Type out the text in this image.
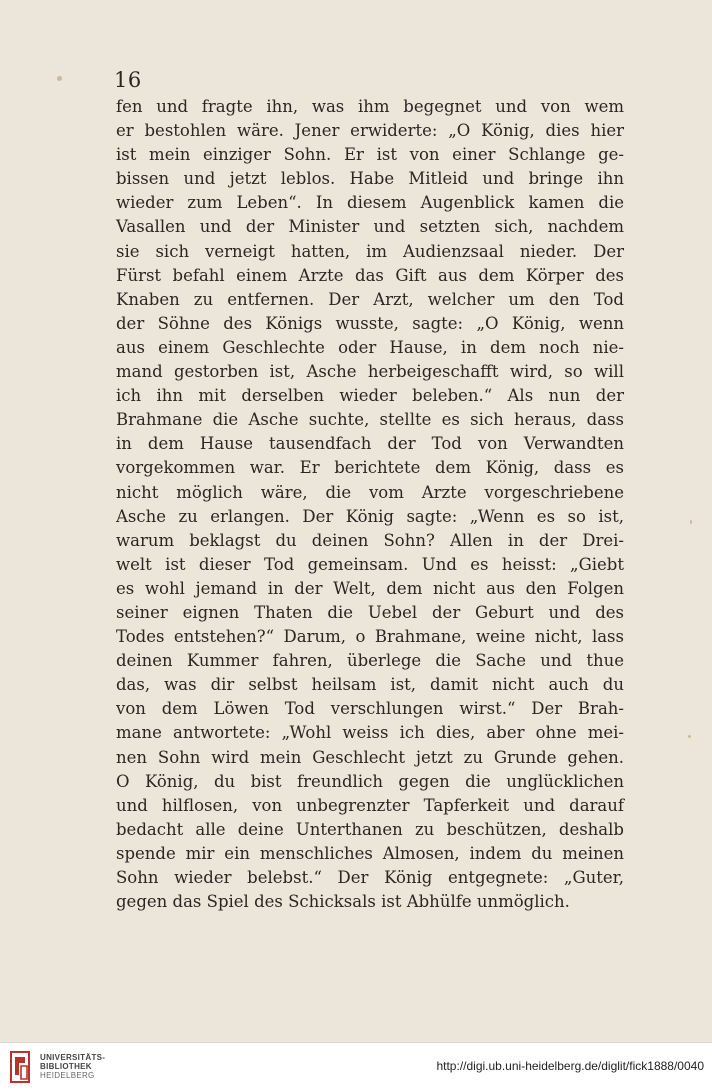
16
fen und fragte ihn, was ihm begegnet und von wem
er bestohlen wäre. Jener erwiderte: „O König, dies hier
ist mein einziger Sohn. Er ist von einer Schlange ge-
bissen und jetzt leblos. Habe Mitleid und bringe ihn
wieder zum Leben“. In diesem Augenblick kamen die
Vasallen und der Minister und setzten sich, nachdem
sie sich verneigt hatten, im Audienzsaal nieder. Der
Fürst befahl einem Arzte das Gift aus dem Körper des
Knaben zu entfernen. Der Arzt, welcher um den Tod
der Söhne des Königs wusste, sagte: „O König, wenn
aus einem Geschlechte oder Hause, in dem noch nie-
mand gestorben ist, Asche herbeigeschafft wird, so will
ich ihn mit derselben wieder beleben.“ Als nun der
Brahmane die Asche suchte, stellte es sich heraus, dass
in dem Hause tausendfach der Tod von Verwandten
vorgekommen war. Er berichtete dem König, dass es
nicht möglich wäre, die vom Arzte vorgeschriebene
Asche zu erlangen. Der König sagte: „Wenn es so ist,
warum beklagst du deinen Sohn? Allen in der Drei-
welt ist dieser Tod gemeinsam. Und es heisst: „Giebt
es wohl jemand in der Welt, dem nicht aus den Folgen
seiner eignen Thaten die Uebel der Geburt und des
Todes entstehen?“ Darum, o Brahmane, weine nicht, lass
deinen Kummer fahren, überlege die Sache und thue
das, was dir selbst heilsam ist, damit nicht auch du
von dem Löwen Tod verschlungen wirst.“ Der Brah-
mane antwortete: „Wohl weiss ich dies, aber ohne mei-
nen Sohn wird mein Geschlecht jetzt zu Grunde gehen.
O König, du bist freundlich gegen die unglücklichen
und hilflosen, von unbegrenzter Tapferkeit und darauf
bedacht alle deine Unterthanen zu beschützen, deshalb
spende mir ein menschliches Almosen, indem du meinen
Sohn wieder belebst.“ Der König entgegnete: „Guter,
gegen das Spiel des Schicksals ist Abhülfe unmöglich.
UNIVERSITÄTS-
BIBLIOTHEK
HEIDELBERG
http://digi.ub.uni-heidelberg.de/diglit/fick1888/0040
